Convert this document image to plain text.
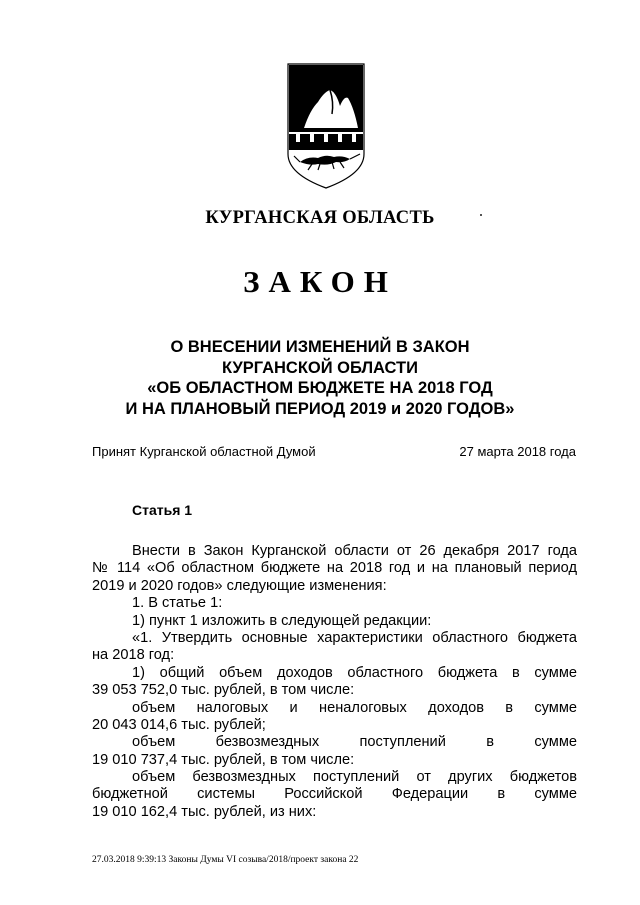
КУРГАНСКАЯ ОБЛАСТЬ
ЗАКОН
О ВНЕСЕНИИ ИЗМЕНЕНИЙ В ЗАКОН
КУРГАНСКОЙ ОБЛАСТИ
«ОБ ОБЛАСТНОМ БЮДЖЕТЕ НА 2018 ГОД
И НА ПЛАНОВЫЙ ПЕРИОД 2019 и 2020 ГОДОВ»
Принят Курганской областной Думой	27 марта 2018 года
Статья 1
Внести в Закон Курганской области от 26 декабря 2017 года
№ 114 «Об областном бюджете на 2018 год и на плановый период
2019 и 2020 годов» следующие изменения:
1. В статье 1:
1) пункт 1 изложить в следующей редакции:
«1. Утвердить основные характеристики областного бюджета
на 2018 год:
1) общий объем доходов областного бюджета в сумме
39 053 752,0 тыс. рублей, в том числе:
объем налоговых и неналоговых доходов в сумме
20 043 014,6 тыс. рублей;
объем безвозмездных поступлений в сумме
19 010 737,4 тыс. рублей, в том числе:
объем безвозмездных поступлений от других бюджетов
бюджетной системы Российской Федерации в сумме
19 010 162,4 тыс. рублей, из них:
27.03.2018 9:39:13 Законы Думы VI созыва/2018/проект закона 22
